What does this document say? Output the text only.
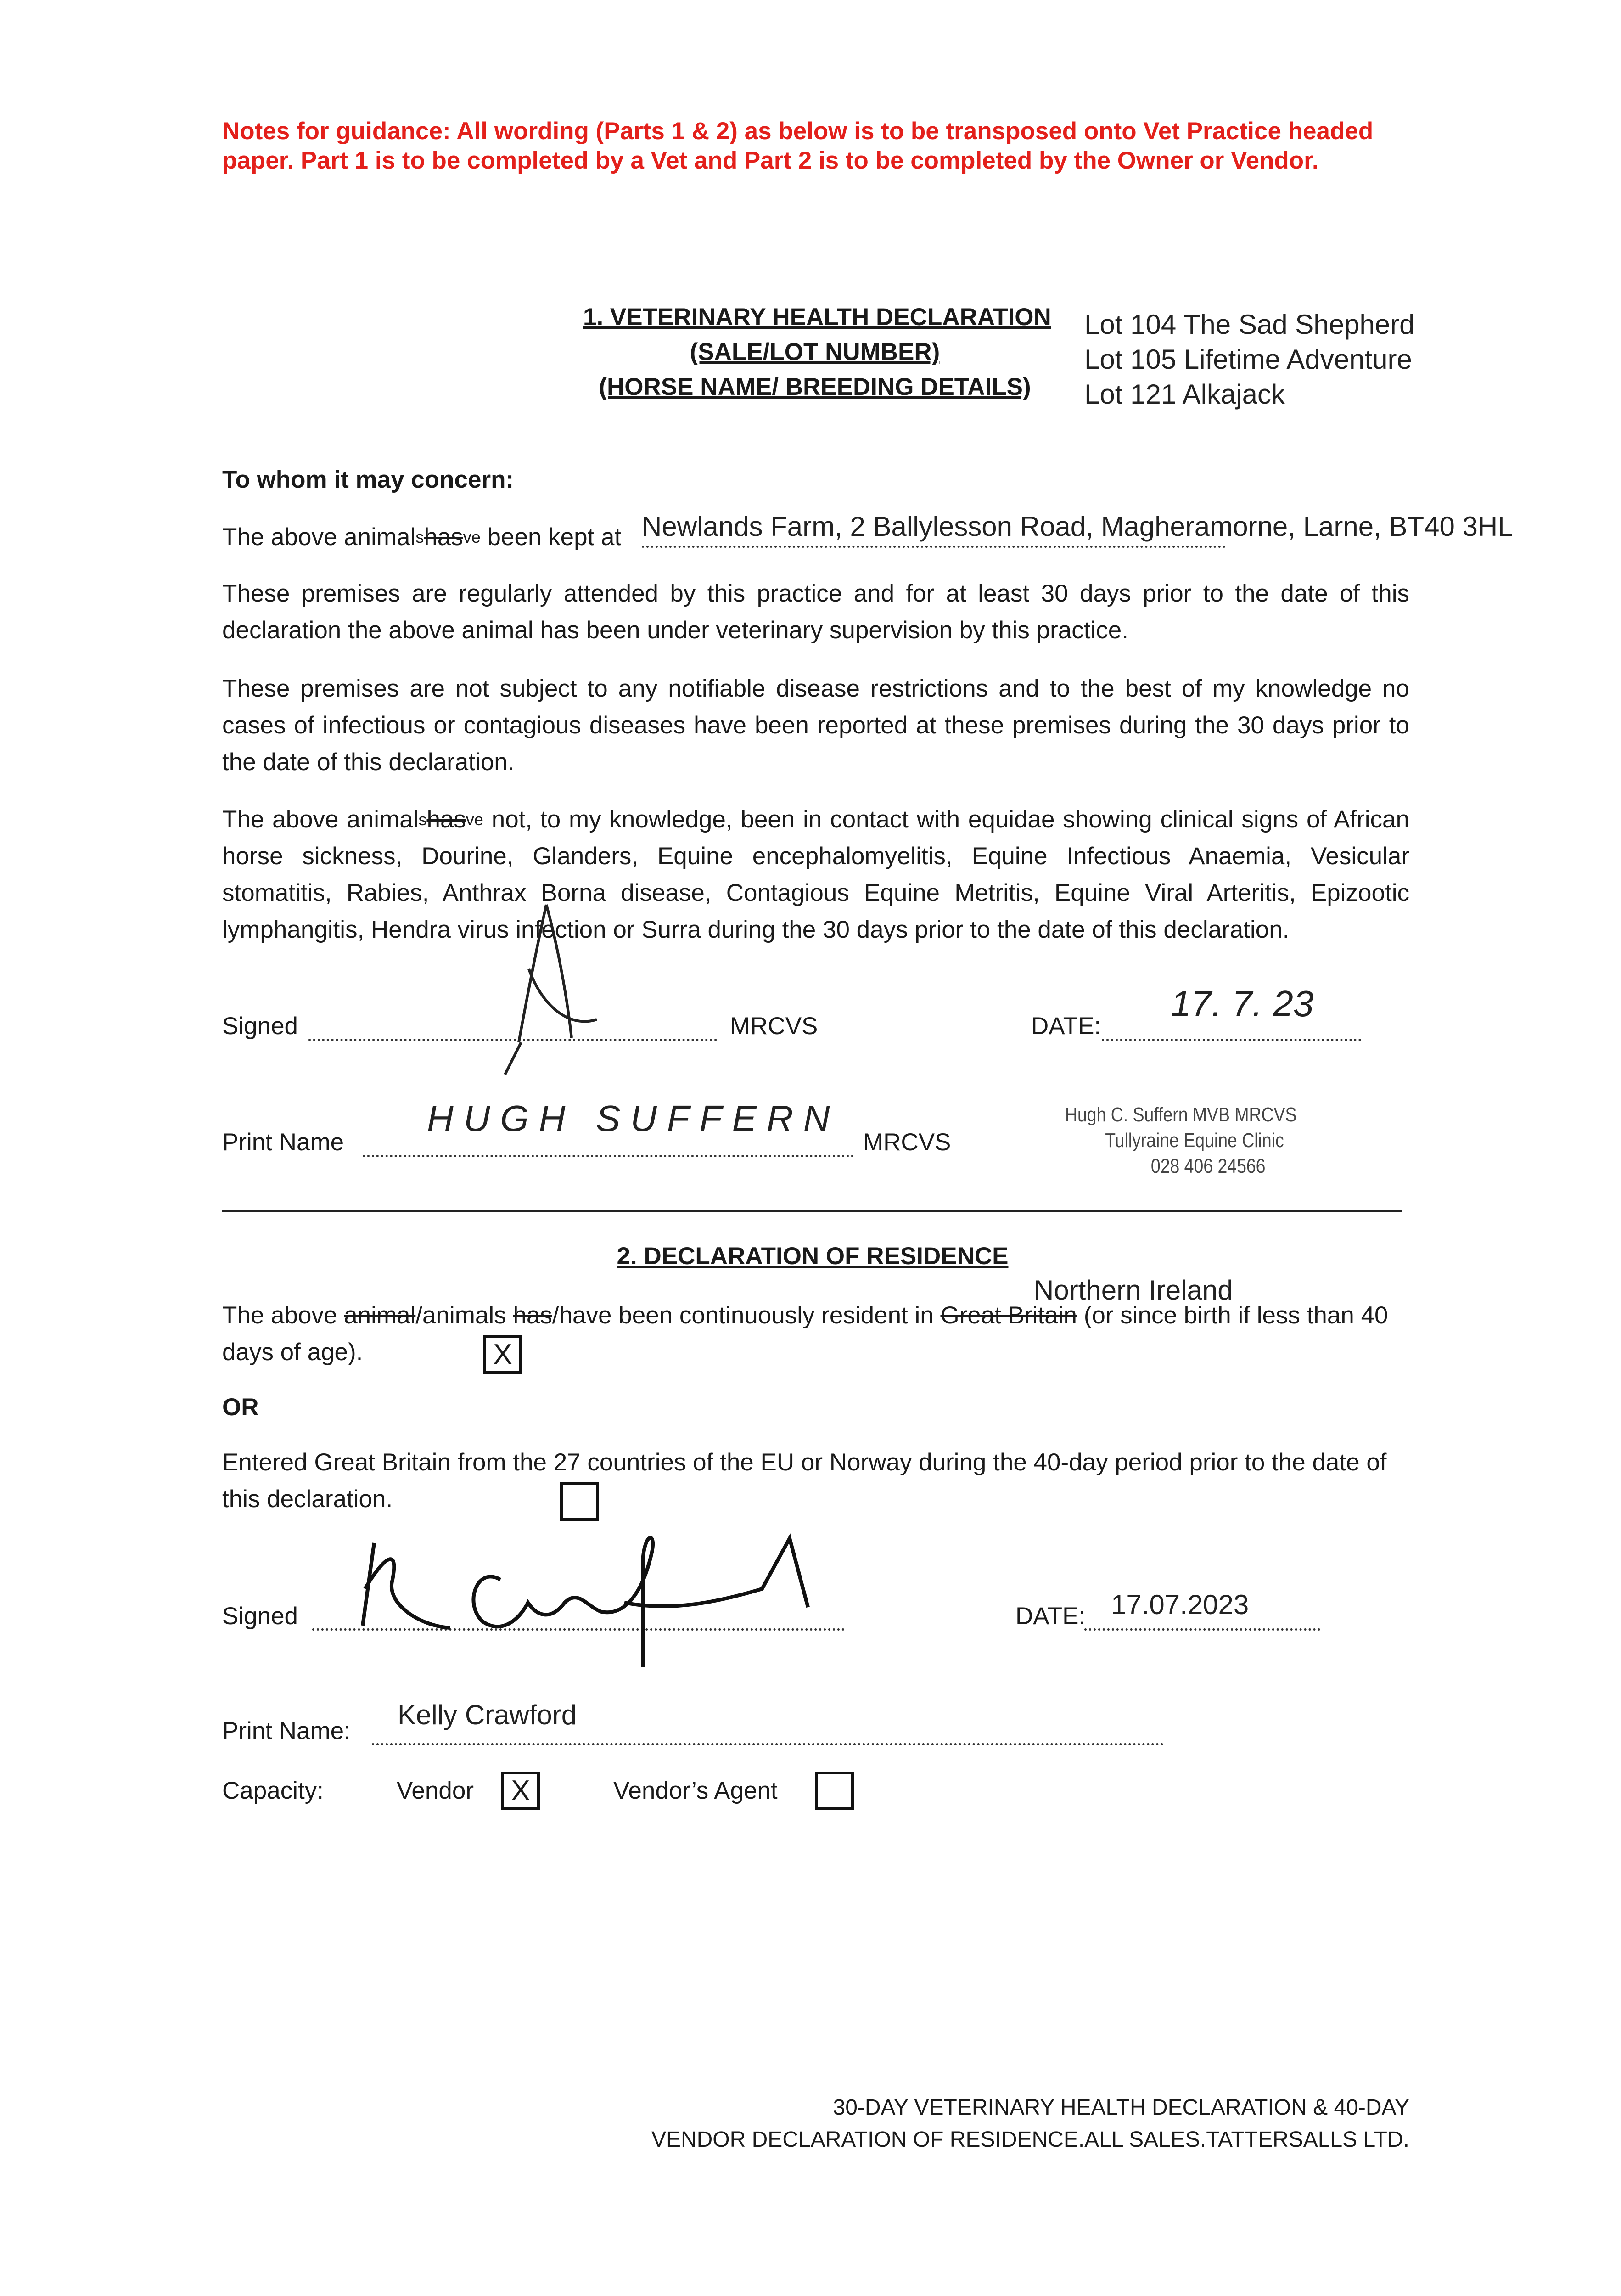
Notes for guidance: All wording (Parts 1 & 2) as below is to be transposed onto Vet Practice headed paper. Part 1 is to be completed by a Vet and Part 2 is to be completed by the Owner or Vendor.
1. VETERINARY HEALTH DECLARATION
(SALE/LOT NUMBER)
(HORSE NAME/ BREEDING DETAILS)
Lot 104 The Sad Shepherd
Lot 105 Lifetime Adventure
Lot 121 Alkajack
To whom it may concern:
The above animal$^s$has$^{ve}$ been kept at Newlands Farm, 2 Ballylesson Road, Magheramorne, Larne, BT40 3HL
These premises are regularly attended by this practice and for at least 30 days prior to the date of this declaration the above animal has been under veterinary supervision by this practice.
These premises are not subject to any notifiable disease restrictions and to the best of my knowledge no cases of infectious or contagious diseases have been reported at these premises during the 30 days prior to the date of this declaration.
The above animal$^s$has$^{ve}$ not, to my knowledge, been in contact with equidae showing clinical signs of African horse sickness, Dourine, Glanders, Equine encephalomyelitis, Equine Infectious Anaemia, Vesicular stomatitis, Rabies, Anthrax Borna disease, Contagious Equine Metritis, Equine Viral Arteritis, Epizootic lymphangitis, Hendra virus infection or Surra during the 30 days prior to the date of this declaration.
Signed	MRCVS	DATE:
17. 7. 23
Print Name
HUGH SUFFERN
MRCVS
Hugh C. Suffern MVB MRCVS
Tullyraine Equine Clinic
028 406 24566
2. DECLARATION OF RESIDENCE
Northern Ireland
The above animal/animals has/have been continuously resident in Great Britain (or since birth if less than 40 days of age).	X
OR
Entered Great Britain from the 27 countries of the EU or Norway during the 40-day period prior to the date of this declaration.
Signed	DATE: 17.07.2023
Print Name:
Kelly Crawford
Capacity:	Vendor	X	Vendor’s Agent
30-DAY VETERINARY HEALTH DECLARATION & 40-DAY
VENDOR DECLARATION OF RESIDENCE.ALL SALES.TATTERSALLS LTD.
